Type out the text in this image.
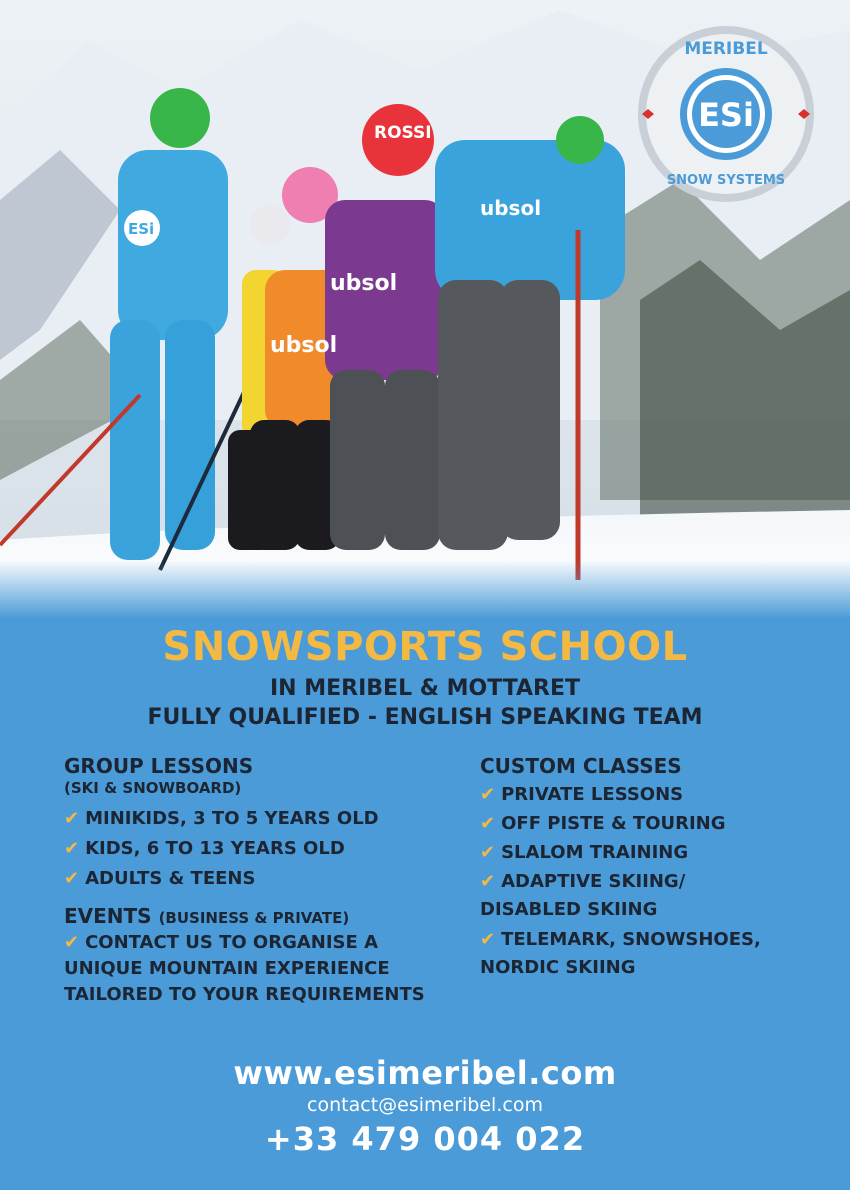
ubsol
ubsol
ubsol
ROSSI
ESi
ESi
MERIBEL
SNOW SYSTEMS
SNOWSPORTS SCHOOL
IN MERIBEL & MOTTARET
FULLY QUALIFIED - ENGLISH SPEAKING TEAM
GROUP LESSONS
(SKI & SNOWBOARD)
✔ MINIKIDS, 3 TO 5 YEARS OLD
✔ KIDS, 6 TO 13 YEARS OLD
✔ ADULTS & TEENS
EVENTS (BUSINESS & PRIVATE)
✔ CONTACT US TO ORGANISE A
UNIQUE MOUNTAIN EXPERIENCE
TAILORED TO YOUR REQUIREMENTS
CUSTOM CLASSES
✔ PRIVATE LESSONS
✔ OFF PISTE & TOURING
✔ SLALOM TRAINING
✔ ADAPTIVE SKIING/
DISABLED SKIING
✔ TELEMARK, SNOWSHOES,
NORDIC SKIING
www.esimeribel.com
contact@esimeribel.com
+33 479 004 022
